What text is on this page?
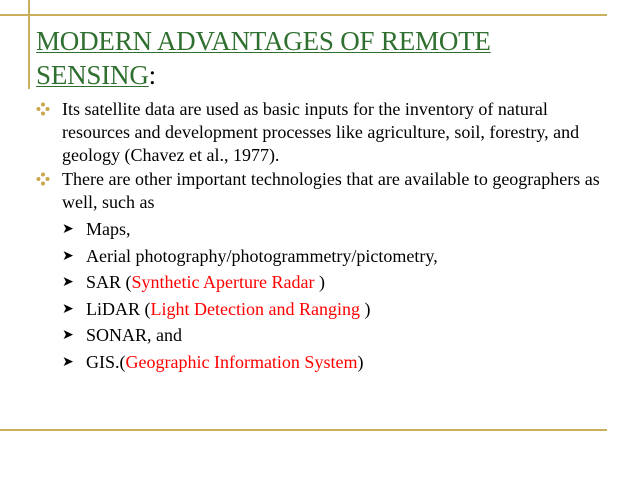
MODERN ADVANTAGES OF REMOTE SENSING:
Its satellite data are used as basic inputs for the inventory of natural resources and development processes like agriculture, soil, forestry, and geology (Chavez et al., 1977).
There are other important technologies that are available to geographers as well, such as
➤ Maps,
➤ Aerial photography/photogrammetry/pictometry,
➤ SAR (Synthetic Aperture Radar )
➤ LiDAR (Light Detection and Ranging )
➤ SONAR, and
➤ GIS.(Geographic Information System)
